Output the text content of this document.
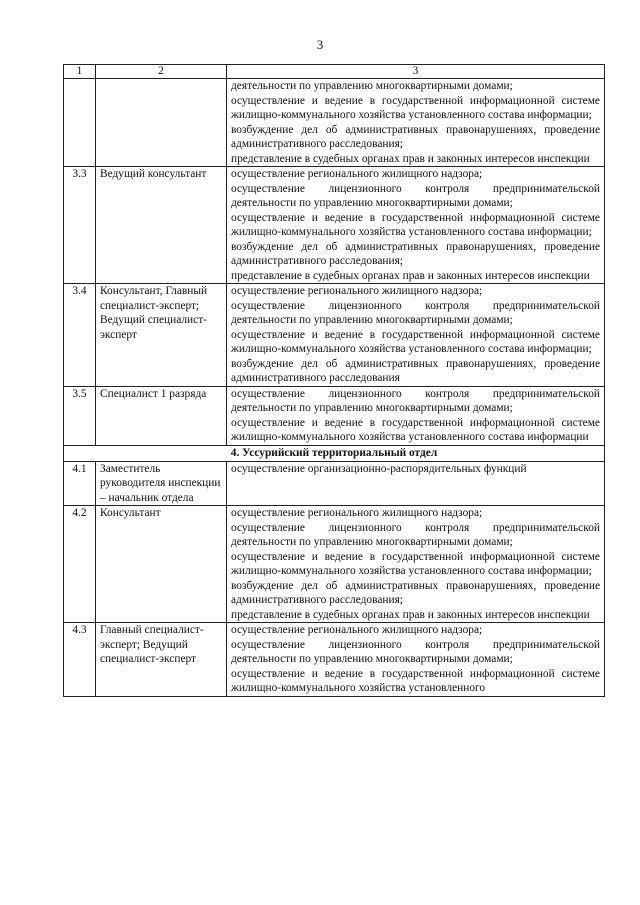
3
1	2	3

		деятельности по управлению многоквартирными домами;
осуществление и ведение в государственной информационной системе жилищно-коммунального хозяйства установленного состава информации;
возбуждение дел об административных правонарушениях, проведение административного расследования;
представление в судебных органах прав и законных интересов инспекции

3.3	Ведущий консультант	осуществление регионального жилищного надзора;
осуществление лицензионного контроля предпринимательской деятельности по управлению многоквартирными домами;
осуществление и ведение в государственной информационной системе жилищно-коммунального хозяйства установленного состава информации;
возбуждение дел об административных правонарушениях, проведение административного расследования;
представление в судебных органах прав и законных интересов инспекции

3.4	Консультант, Главный специалист-эксперт; Ведущий специалист-эксперт	осуществление регионального жилищного надзора;
осуществление лицензионного контроля предпринимательской деятельности по управлению многоквартирными домами;
осуществление и ведение в государственной информационной системе жилищно-коммунального хозяйства установленного состава информации;
возбуждение дел об административных правонарушениях, проведение административного расследования

3.5	Специалист 1 разряда	осуществление лицензионного контроля предпринимательской деятельности по управлению многоквартирными домами;
осуществление и ведение в государственной информационной системе жилищно-коммунального хозяйства установленного состава информации

4. Уссурийский территориальный отдел		
4.1	Заместитель руководителя инспекции – начальник отдела	осуществление организационно-распорядительных функций

4.2	Консультант	осуществление регионального жилищного надзора;
осуществление лицензионного контроля предпринимательской деятельности по управлению многоквартирными домами;
осуществление и ведение в государственной информационной системе жилищно-коммунального хозяйства установленного состава информации;
возбуждение дел об административных правонарушениях, проведение административного расследования;
представление в судебных органах прав и законных интересов инспекции

4.3	Главный специалист-эксперт; Ведущий специалист-эксперт	осуществление регионального жилищного надзора;
осуществление лицензионного контроля предпринимательской деятельности по управлению многоквартирными домами;
осуществление и ведение в государственной информационной системе жилищно-коммунального хозяйства установленного
